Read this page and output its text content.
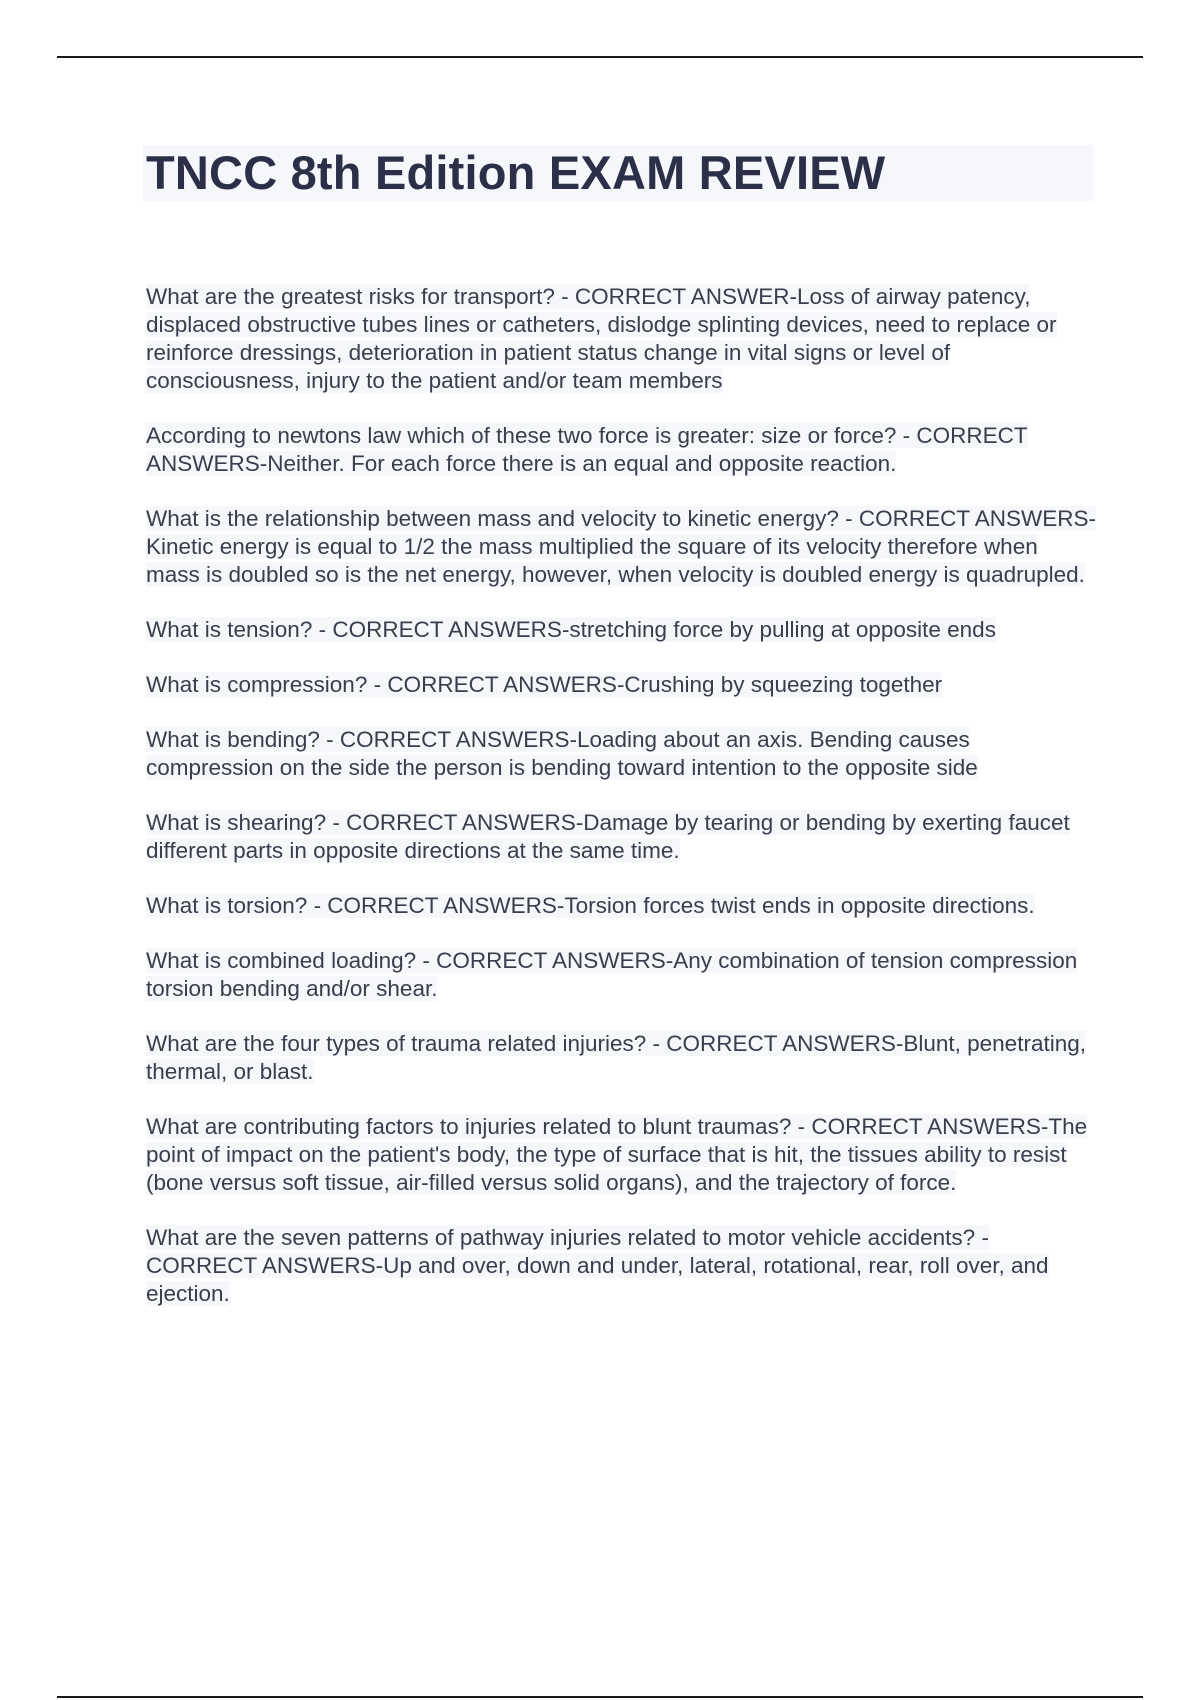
TNCC 8th Edition EXAM REVIEW

What are the greatest risks for transport? - CORRECT ANSWER-Loss of airway patency, displaced obstructive tubes lines or catheters, dislodge splinting devices, need to replace or reinforce dressings, deterioration in patient status change in vital signs or level of consciousness, injury to the patient and/or team members

According to newtons law which of these two force is greater: size or force? - CORRECT ANSWERS-Neither. For each force there is an equal and opposite reaction.

What is the relationship between mass and velocity to kinetic energy? - CORRECT ANSWERS-Kinetic energy is equal to 1/2 the mass multiplied the square of its velocity therefore when mass is doubled so is the net energy, however, when velocity is doubled energy is quadrupled.

What is tension? - CORRECT ANSWERS-stretching force by pulling at opposite ends

What is compression? - CORRECT ANSWERS-Crushing by squeezing together

What is bending? - CORRECT ANSWERS-Loading about an axis. Bending causes compression on the side the person is bending toward intention to the opposite side

What is shearing? - CORRECT ANSWERS-Damage by tearing or bending by exerting faucet different parts in opposite directions at the same time.

What is torsion? - CORRECT ANSWERS-Torsion forces twist ends in opposite directions.

What is combined loading? - CORRECT ANSWERS-Any combination of tension compression torsion bending and/or shear.

What are the four types of trauma related injuries? - CORRECT ANSWERS-Blunt, penetrating, thermal, or blast.

What are contributing factors to injuries related to blunt traumas? - CORRECT ANSWERS-The point of impact on the patient's body, the type of surface that is hit, the tissues ability to resist (bone versus soft tissue, air-filled versus solid organs), and the trajectory of force.

What are the seven patterns of pathway injuries related to motor vehicle accidents? - CORRECT ANSWERS-Up and over, down and under, lateral, rotational, rear, roll over, and ejection.
